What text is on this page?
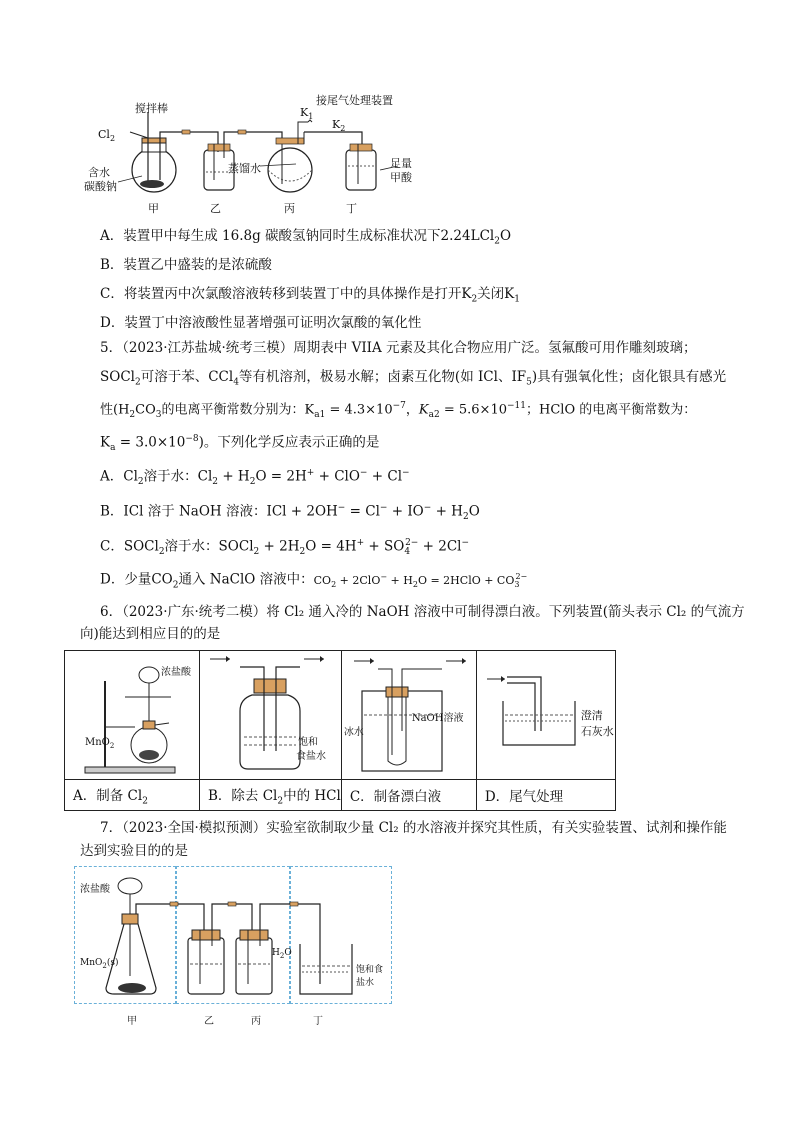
搅拌棒
接尾气处理装置
$Cl_2$
$K_1$
$K_2$
含水
碳酸钠
蒸馏水	足量
甲酸
甲	乙	丙	丁
A．装置甲中每生成 16.8g 碳酸氢钠同时生成标准状况下2.24LCl$_2$O
B．装置乙中盛装的是浓硫酸
C．将装置丙中次氯酸溶液转移到装置丁中的具体操作是打开$K_2$关闭$K_1$
D．装置丁中溶液酸性显著增强可证明次氯酸的氧化性
5．（2023·江苏盐城·统考三模）周期表中 VIIA 元素及其化合物应用广泛。氢氟酸可用作雕刻玻璃；
SOCl$_2$可溶于苯、CCl$_4$等有机溶剂，极易水解；卤素互化物(如 ICl、$IF_5$)具有强氧化性；卤化银具有感光
性($H_2CO_3$的电离平衡常数分别为：$K_{a1} = 4.3\times 10^{-7}$，$K_{a2} = 5.6\times 10^{-11}$；HClO 的电离平衡常数为：
$K_a = 3.0\times 10^{-8}$)。下列化学反应表示正确的是
A．$Cl_2$溶于水：$Cl_2 + H_2O = 2H^+ + ClO^- + Cl^-$
B．ICl 溶于 NaOH 溶液：ICl + $2OH^- = Cl^- + IO^- + H_2O$
C．SOCl$_2$溶于水：SOCl$_2$ + $2H_2O = 4H^+ + SO_4^{2-} + 2Cl^-$
D．少量$CO_2$通入 NaClO 溶液中：$CO_2 + 2ClO^- + H_2O$ = 2HClO + $CO_3^{2-}$
6．（2023·广东·统考二模）将 Cl₂ 通入冷的 NaOH 溶液中可制得漂白液。下列装置(箭头表示 Cl₂ 的气流方
向)能达到相应目的的是
浓盐酸
MnO$_2$	饱和
食盐水	NaOH溶液
冰水	澄清
石灰水

A．制备 $Cl_2$	B．除去 $Cl_2$中的 HCl	C．制备漂白液	D．尾气处理
7．（2023·全国·模拟预测）实验室欲制取少量 Cl₂ 的水溶液并探究其性质，有关实验装置、试剂和操作能
达到实验目的的是
浓盐酸
MnO$_2$(s)
$H_2O$
饱和食
盐水
甲	乙	丙	丁
